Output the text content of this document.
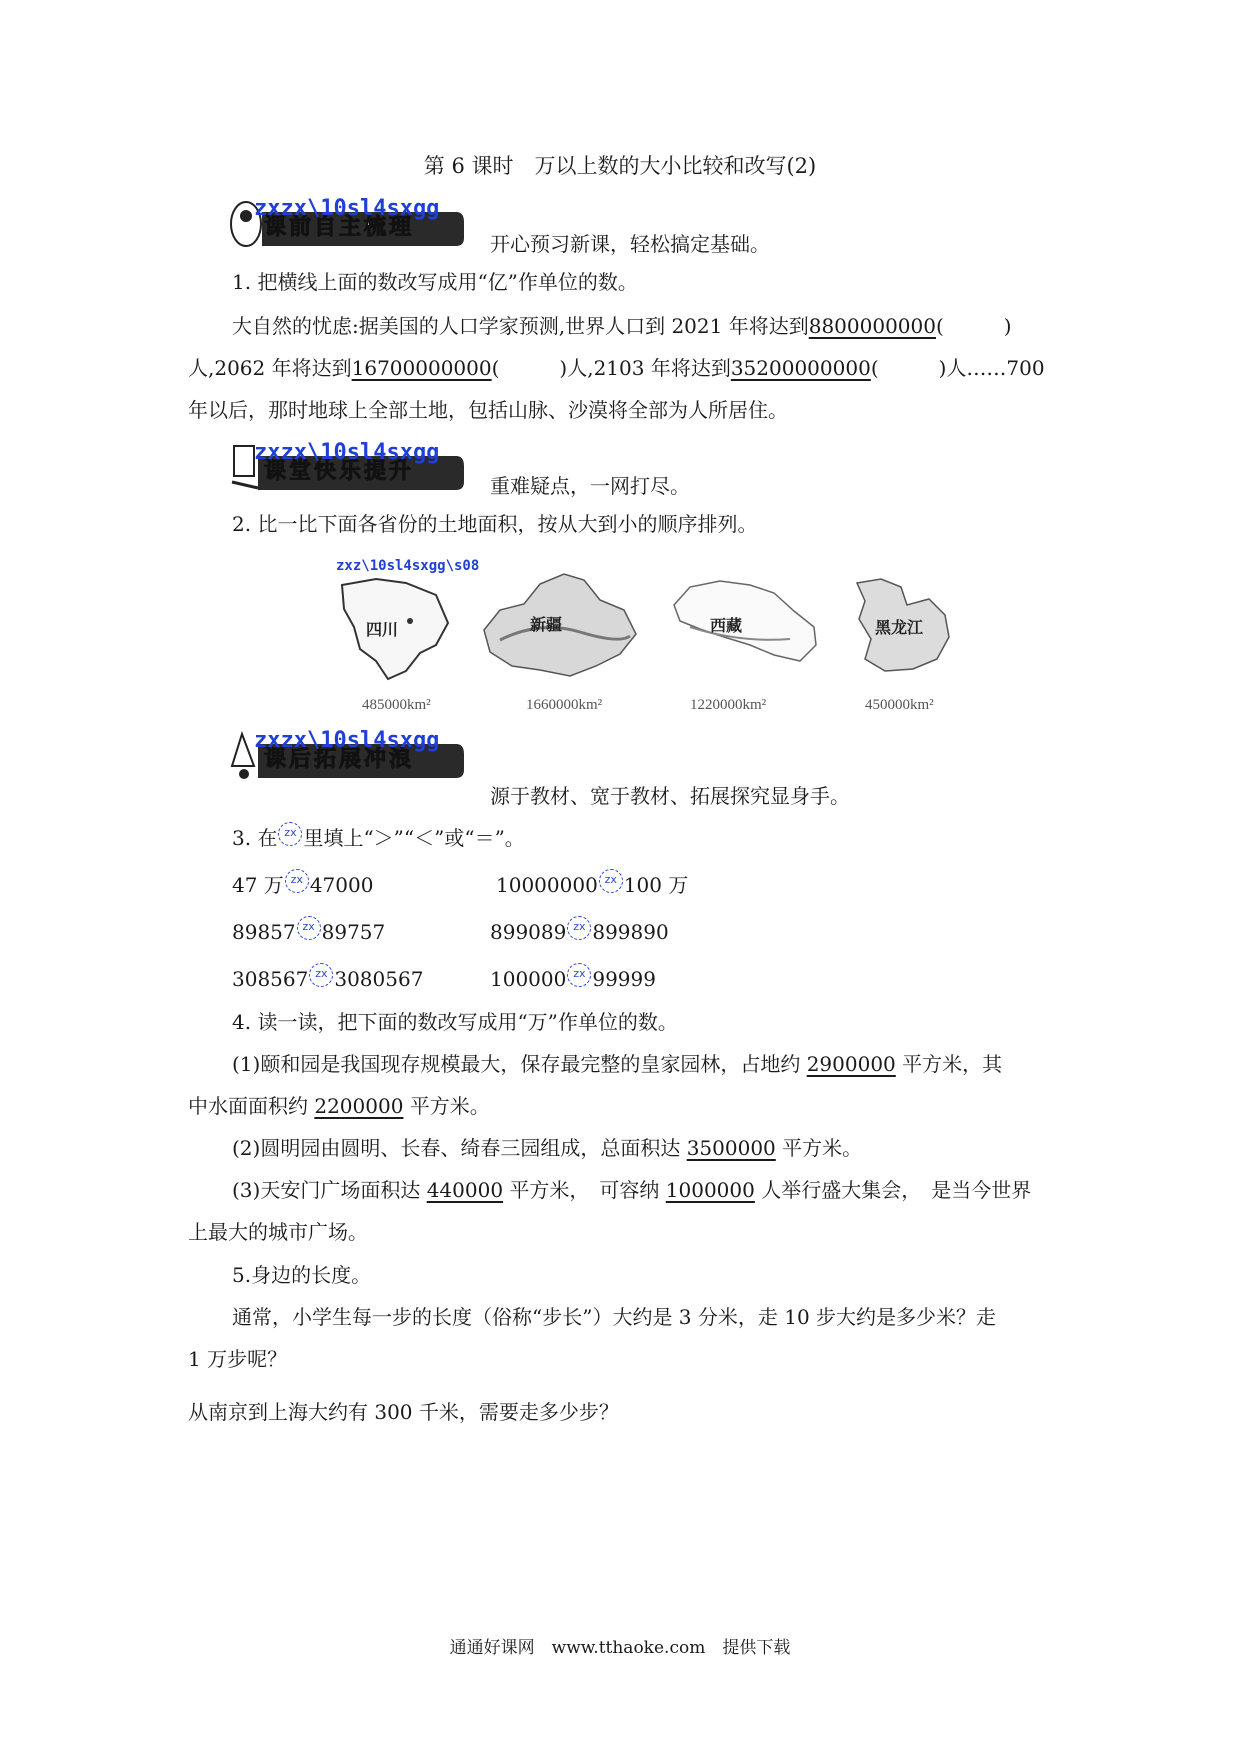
第 6 课时　万以上数的大小比较和改写(2)
课前自主梳理
zxzx\10sl4sxgg
开心预习新课，轻松搞定基础。
1. 把横线上面的数改写成用“亿”作单位的数。
大自然的忧虑:据美国的人口学家预测,世界人口到 2021 年将达到8800000000(　　　)
人,2062 年将达到16700000000(　　　)人,2103 年将达到35200000000(　　　)人……700
年以后，那时地球上全部土地，包括山脉、沙漠将全部为人所居住。
课堂快乐提升
zxzx\10sl4sxgg
重难疑点，一网打尽。
2. 比一比下面各省份的土地面积，按从大到小的顺序排列。
zxz\10sl4sxgg\s08
四川
485000km²
新疆
1660000km²
西藏
1220000km²
黑龙江
450000km²
课后拓展冲浪
zxzx\10sl4sxgg
源于教材、宽于教材、拓展探究显身手。
3. 在 zx 里填上“＞”“＜”或“＝”。
47 万 zx 47000	10000000 zx 100 万
89857 zx 89757	899089 zx 899890
308567 zx 3080567	100000 zx 99999
4. 读一读，把下面的数改写成用“万”作单位的数。
(1)颐和园是我国现存规模最大，保存最完整的皇家园林，占地约 2900000 平方米，其
中水面面积约 2200000 平方米。
(2)圆明园由圆明、长春、绮春三园组成，总面积达 3500000 平方米。
(3)天安门广场面积达 440000 平方米，　可容纳 1000000 人举行盛大集会，　是当今世界
上最大的城市广场。
5.身边的长度。
通常，小学生每一步的长度（俗称“步长”）大约是 3 分米，走 10 步大约是多少米？走
1 万步呢？
从南京到上海大约有 300 千米，需要走多少步？
通通好课网　www.tthaoke.com　提供下载
